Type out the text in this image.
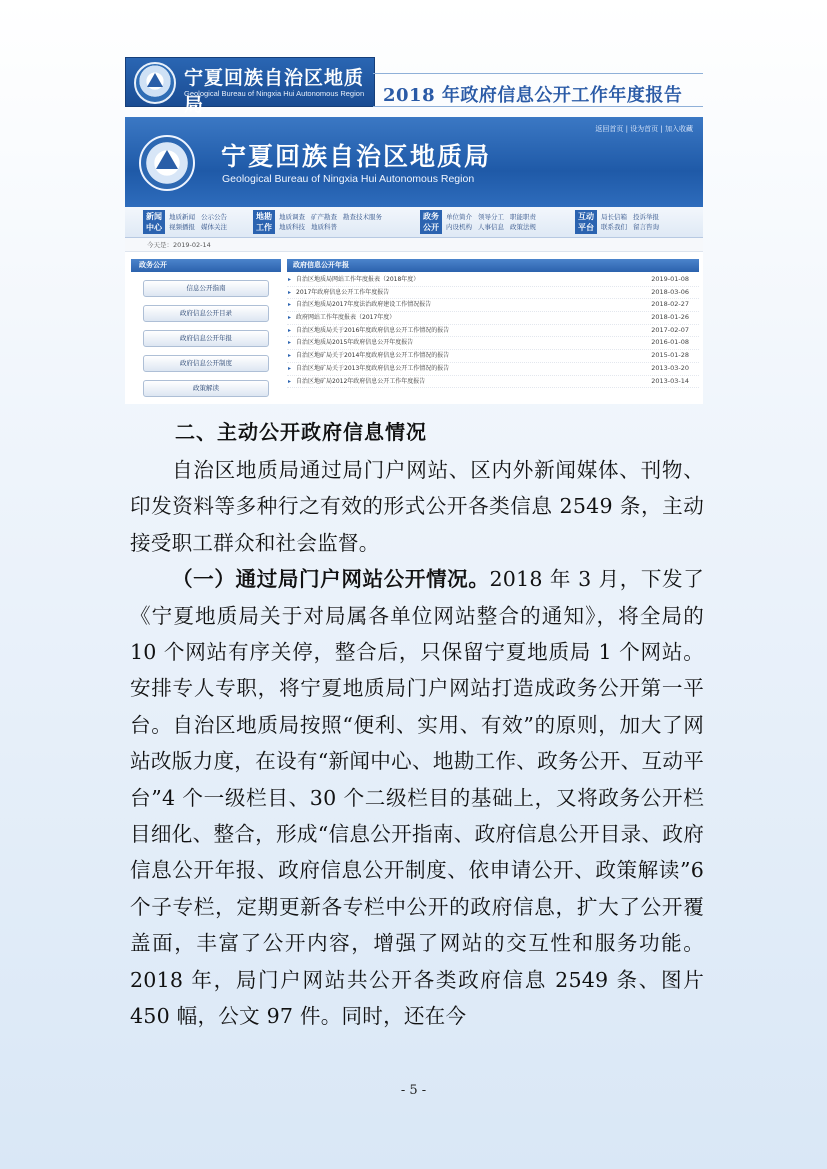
宁夏回族自治区地质局
Geological Bureau of Ningxia Hui Autonomous Region 2018 年政府信息公开工作年度报告
返回首页 | 设为首页 | 加入收藏
宁夏回族自治区地质局
Geological Bureau of Ningxia Hui Autonomous Region
新闻
中心
地质新闻 公示公告
视频播报 媒体关注
地勘
工作
地质调查 矿产勘查 勘查技术服务
地质科技 地质科普
政务
公开
单位简介 领导分工 职能职责
内设机构 人事信息 政策法规
互动
平台
局长信箱 投诉举报
联系我们 留言咨询
今天是：2019-02-14
政务公开
信息公开指南
政府信息公开目录
政府信息公开年报
政府信息公开制度
政策解读
政府信息公开年报
▸ 自治区地质局网站工作年度报表（2018年度）	2019-01-08
▸ 2017年政府信息公开工作年度报告	2018-03-06
▸ 自治区地质局2017年度法治政府建设工作情况报告	2018-02-27
▸ 政府网站工作年度报表（2017年度）	2018-01-26
▸ 自治区地质局关于2016年度政府信息公开工作情况的报告	2017-02-07
▸ 自治区地质局2015年政府信息公开年度报告	2016-01-08
▸ 自治区地矿局关于2014年度政府信息公开工作情况的报告	2015-01-28
▸ 自治区地矿局关于2013年度政府信息公开工作情况的报告	2013-03-20
▸ 自治区地矿局2012年政府信息公开工作年度报告	2013-03-14
二、主动公开政府信息情况

自治区地质局通过局门户网站、区内外新闻媒体、刊物、印发资料等多种行之有效的形式公开各类信息 2549 条，主动接受职工群众和社会监督。

（一）通过局门户网站公开情况。2018 年 3 月，下发了《宁夏地质局关于对局属各单位网站整合的通知》，将全局的 10 个网站有序关停，整合后，只保留宁夏地质局 1 个网站。安排专人专职，将宁夏地质局门户网站打造成政务公开第一平台。自治区地质局按照“便利、实用、有效”的原则，加大了网站改版力度，在设有“新闻中心、地勘工作、政务公开、互动平台”4 个一级栏目、30 个二级栏目的基础上，又将政务公开栏目细化、整合，形成“信息公开指南、政府信息公开目录、政府信息公开年报、政府信息公开制度、依申请公开、政策解读”6 个子专栏，定期更新各专栏中公开的政府信息，扩大了公开覆盖面，丰富了公开内容，增强了网站的交互性和服务功能。2018 年，局门户网站共公开各类政府信息 2549 条、图片 450 幅，公文 97 件。同时，还在今

- 5 -
